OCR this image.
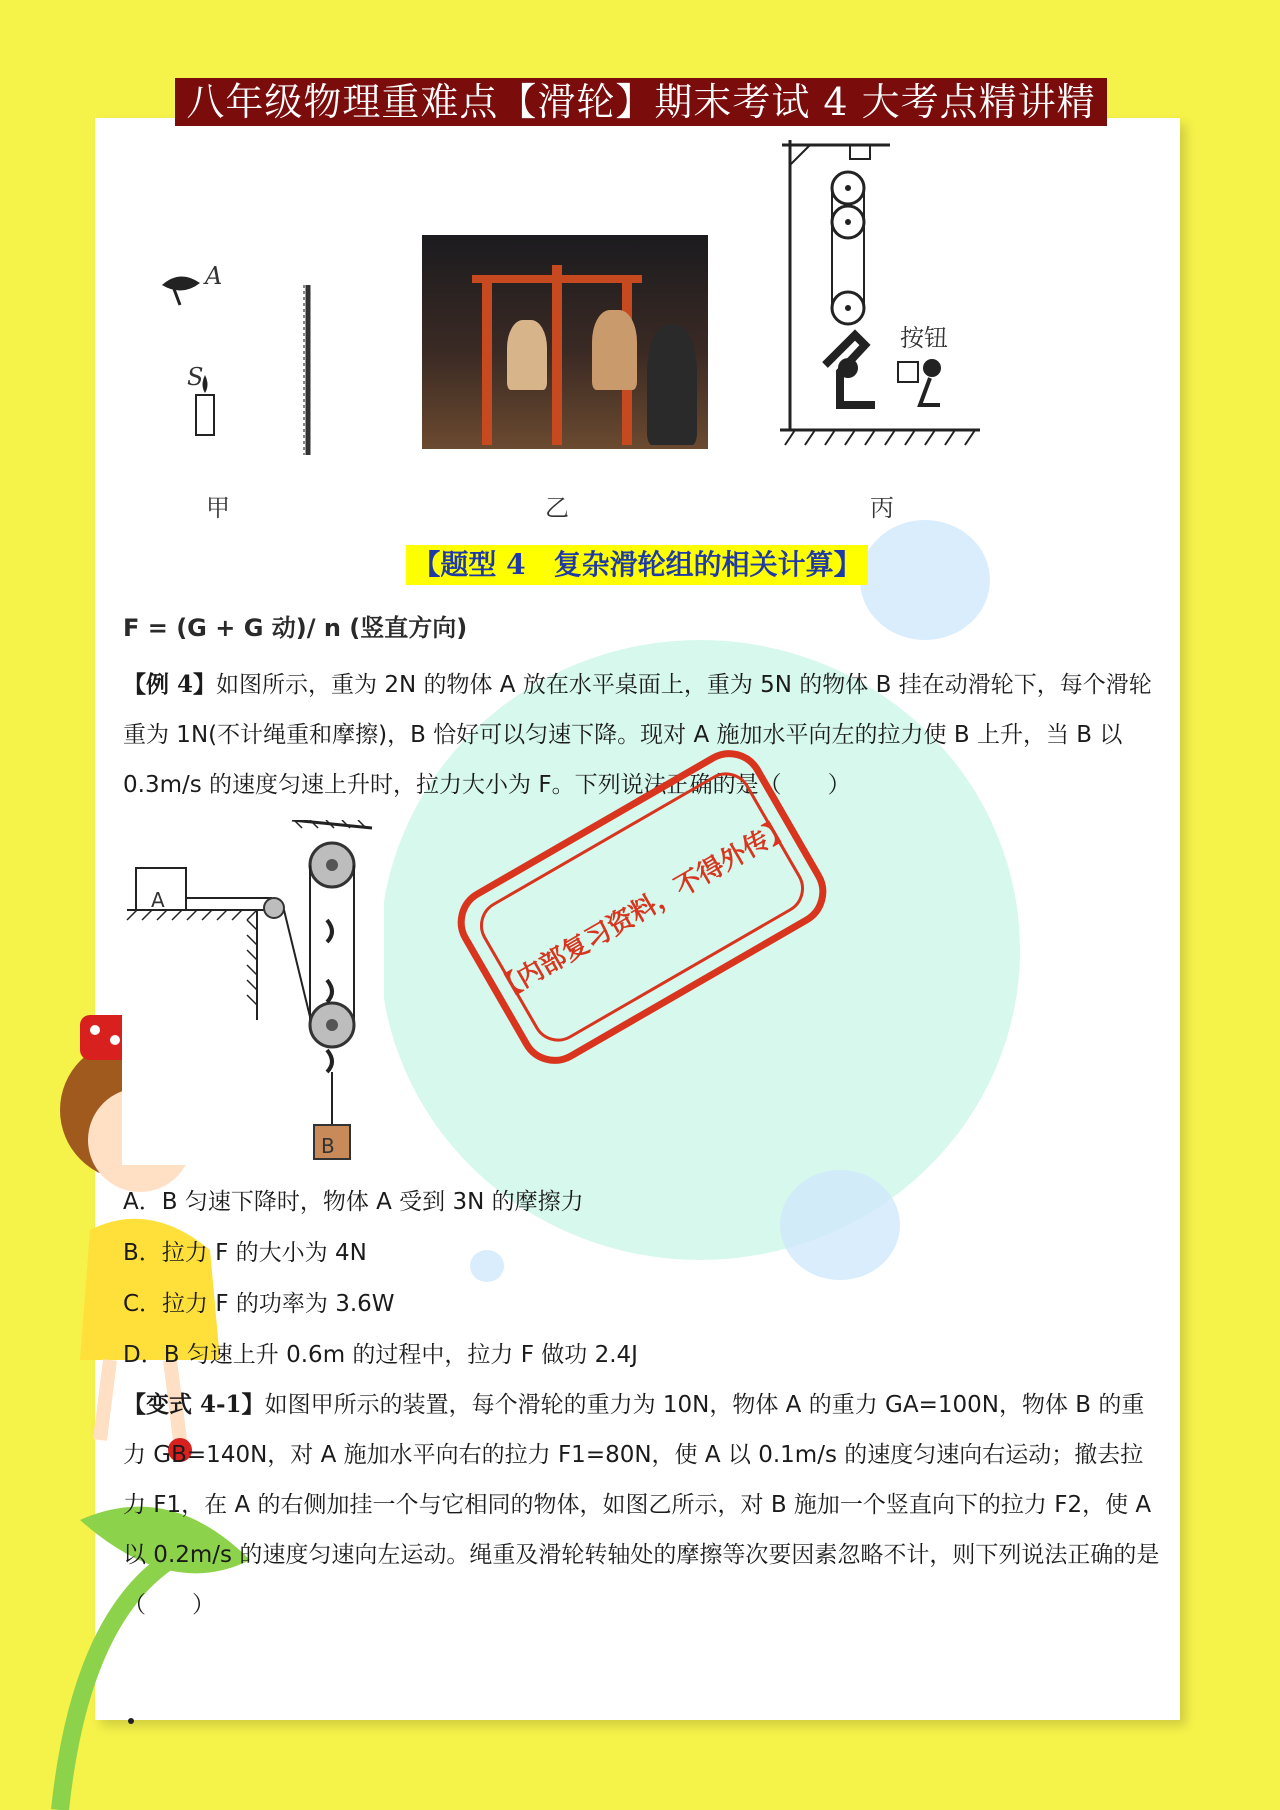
八年级物理重难点【滑轮】期末考试 4 大考点精讲精练
A
S
甲	乙
按钮
丙
【题型 4　复杂滑轮组的相关计算】
F = (G + G 动)/ n (竖直方向)
【例 4】如图所示，重为 2N 的物体 A 放在水平桌面上，重为 5N 的物体 B 挂在动滑轮下，每个滑轮重为 1N(不计绳重和摩擦)，B 恰好可以匀速下降。现对 A 施加水平向左的拉力使 B 上升，当 B 以 0.3m/s 的速度匀速上升时，拉力大小为 F。下列说法正确的是（　　）
A
B
A．B 匀速下降时，物体 A 受到 3N 的摩擦力
B．拉力 F 的大小为 4N
C．拉力 F 的功率为 3.6W
D．B 匀速上升 0.6m 的过程中，拉力 F 做功 2.4J
【变式 4-1】如图甲所示的装置，每个滑轮的重力为 10N，物体 A 的重力 GA=100N，物体 B 的重力 GB=140N，对 A 施加水平向右的拉力 F1=80N，使 A 以 0.1m/s 的速度匀速向右运动；撤去拉力 F1，在 A 的右侧加挂一个与它相同的物体，如图乙所示，对 B 施加一个竖直向下的拉力 F2，使 A 以 0.2m/s 的速度匀速向左运动。绳重及滑轮转轴处的摩擦等次要因素忽略不计，则下列说法正确的是（　　）
【内部复习资料，不得外传】
